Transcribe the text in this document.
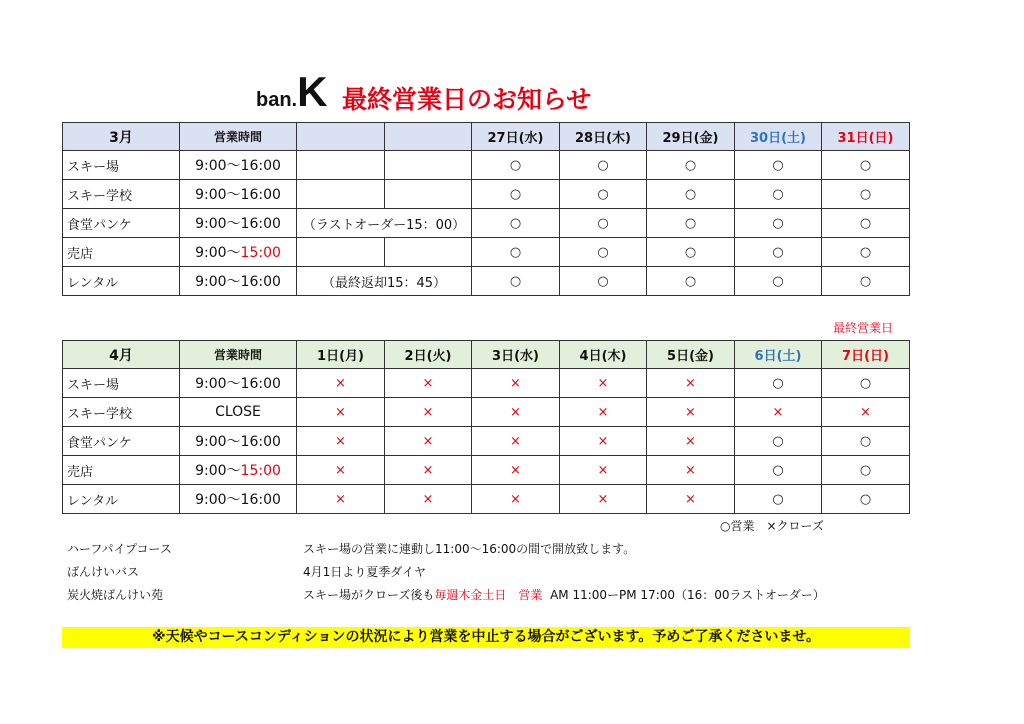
ban.K 最終営業日のお知らせ
3月	営業時間			27日(水)	28日(木)	29日(金)	30日(土)	31日(日)
スキー場	9:00～16:00			○	○	○	○	○
スキー学校	9:00～16:00			○	○	○	○	○
食堂パンケ	9:00～16:00	（ラストオーダー15：00）		○	○	○	○	○
売店	9:00～15:00			○	○	○	○	○
レンタル	9:00～16:00	（最終返却15：45）		○	○	○	○	○
最終営業日
4月	営業時間	1日(月)	2日(火)	3日(水)	4日(木)	5日(金)	6日(土)	7日(日)
スキー場	9:00～16:00	×	×	×	×	×	○	○
スキー学校	CLOSE	×	×	×	×	×	×	×
食堂パンケ	9:00～16:00	×	×	×	×	×	○	○
売店	9:00～15:00	×	×	×	×	×	○	○
レンタル	9:00～16:00	×	×	×	×	×	○	○
○営業　×クローズ
ハーフパイプコース	スキー場の営業に連動し11:00～16:00の間で開放致します。
ばんけいバス	4月1日より夏季ダイヤ
炭火焼ばんけい苑	スキー場がクローズ後も毎週木金土日　営業 AM 11:00ーPM 17:00（16：00ラストオーダー）
※天候やコースコンディションの状況により営業を中止する場合がございます。予めご了承くださいませ。
